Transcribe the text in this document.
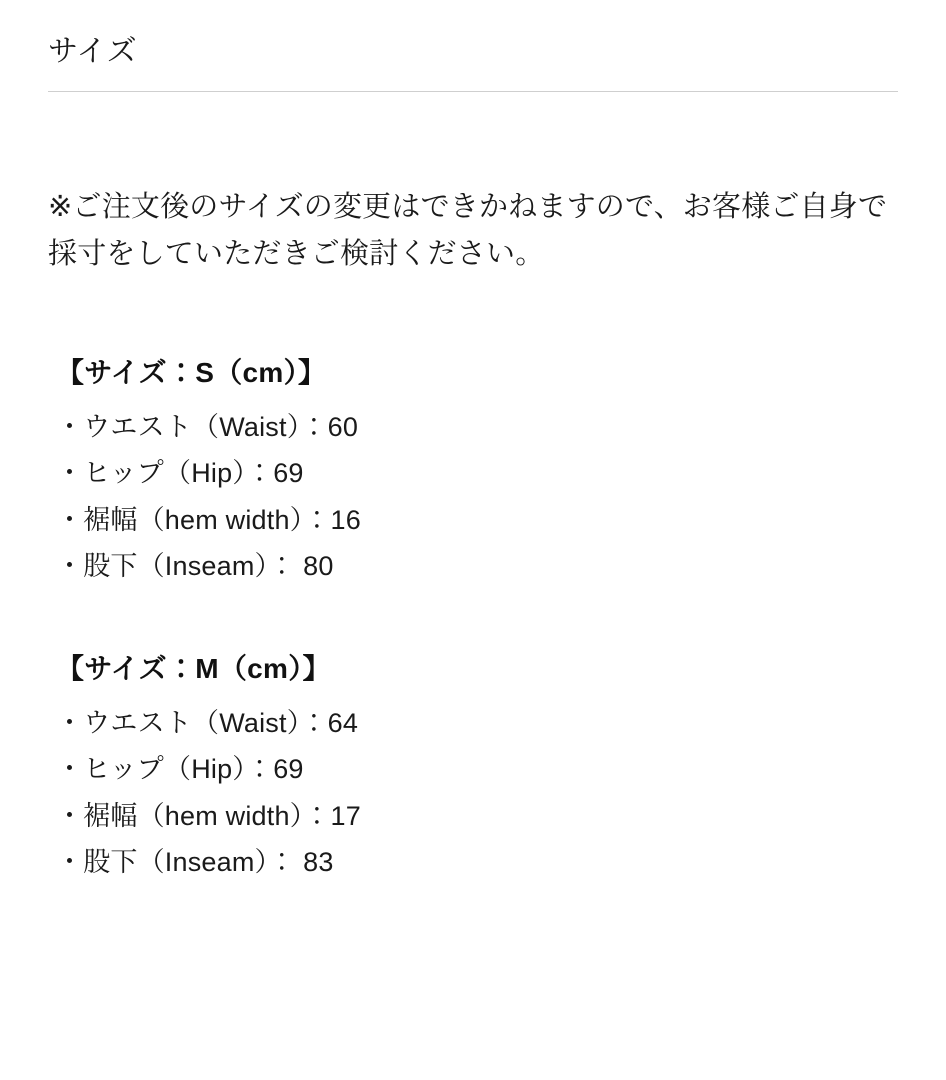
サイズ

※ご注文後のサイズの変更はできかねますので、お客様ご自身で採寸をしていただきご検討ください。

【サイズ：S（cm）】
・ウエスト（Waist）：60
・ヒップ（Hip）：69
・裾幅（hem width）：16
・股下（Inseam）： 80
【サイズ：M（cm）】
・ウエスト（Waist）：64
・ヒップ（Hip）：69
・裾幅（hem width）：17
・股下（Inseam）： 83
